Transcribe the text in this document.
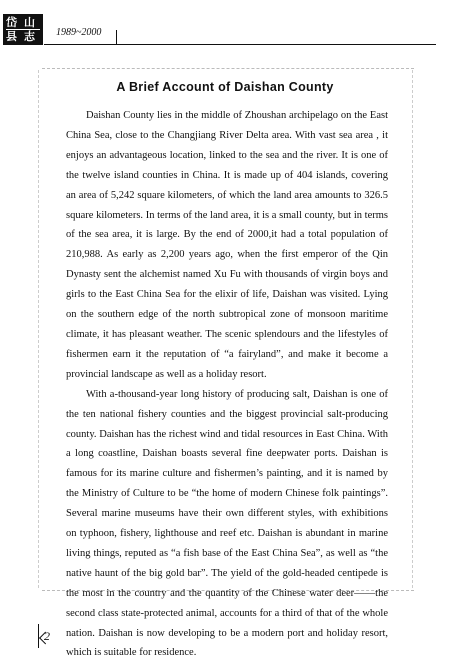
岱 山
县 志 1989~2000
A Brief Account of Daishan County

Daishan County lies in the middle of Zhoushan archipelago on the East China Sea, close to the Changjiang River Delta area. With vast sea area , it enjoys an advantageous location, linked to the sea and the river. It is one of the twelve island counties in China. It is made up of 404 islands, covering an area of 5,242 square kilometers, of which the land area amounts to 326.5 square kilometers. In terms of the land area, it is a small county, but in terms of the sea area, it is large. By the end of 2000,it had a total population of 210,988. As early as 2,200 years ago, when the first emperor of the Qin Dynasty sent the alchemist named Xu Fu with thousands of virgin boys and girls to the East China Sea for the elixir of life, Daishan was visited. Lying on the southern edge of the north subtropical zone of monsoon maritime climate, it has pleasant weather. The scenic splendours and the lifestyles of fishermen earn it the reputation of “a fairyland”, and make it become a provincial landscape as well as a holiday resort.

With a-thousand-year long history of producing salt, Daishan is one of the ten national fishery counties and the biggest provincial salt-producing county. Daishan has the richest wind and tidal resources in East China. With a long coastline, Daishan boasts several fine deepwater ports. Daishan is famous for its marine culture and fishermen’s painting, and it is named by the Ministry of Culture to be “the home of modern Chinese folk paintings”. Several marine museums have their own different styles, with exhibitions on typhoon, fishery, lighthouse and reef etc. Daishan is abundant in marine living things, reputed as “a fish base of the East China Sea”, as well as “the native haunt of the big gold bar”. The yield of the gold-headed centipede is the most in the country and the quantity of the Chinese water deer——the second class state-protected animal, accounts for a third of that of the whole nation. Daishan is now developing to be a modern port and holiday resort, which is suitable for residence.

2
